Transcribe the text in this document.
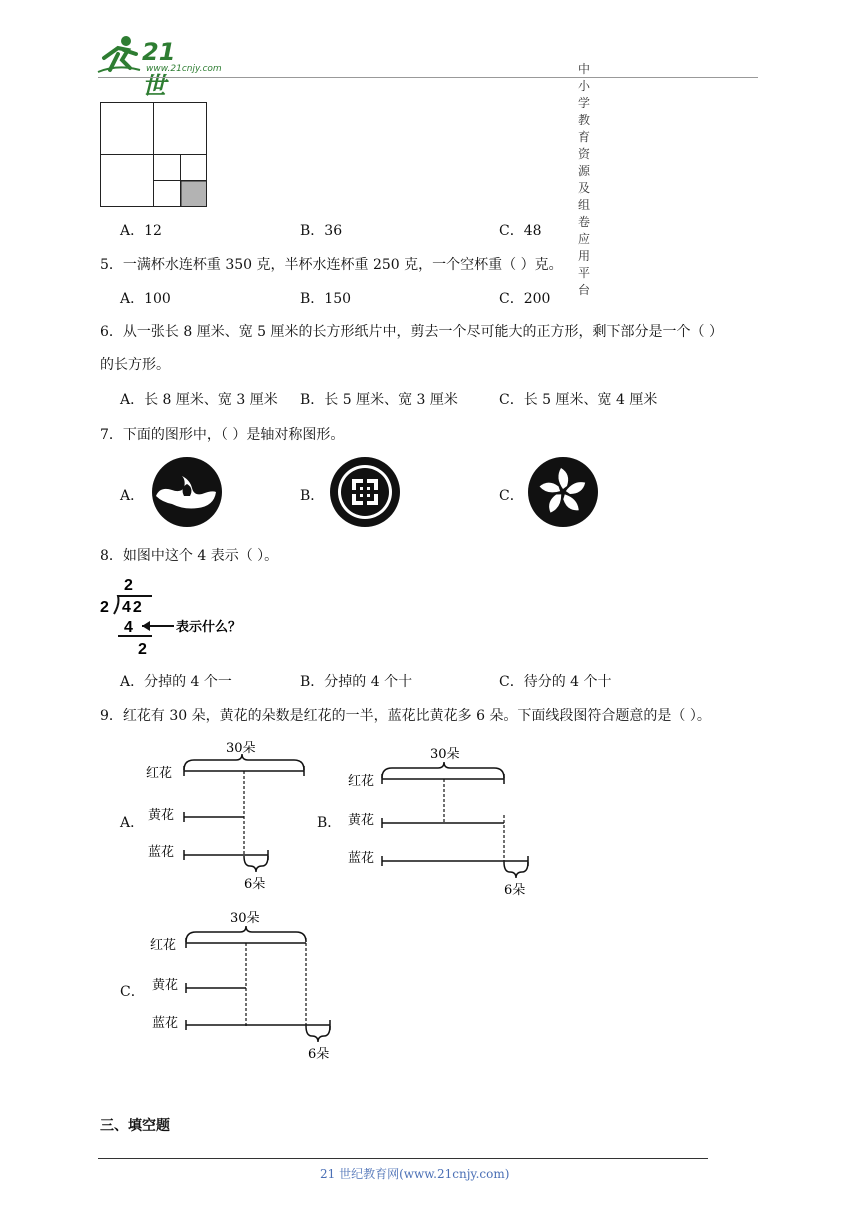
21世
www.21cnjy.com	中小学教育资源及组卷应用平台
A．12	B．36	C．48
5．一满杯水连杯重 350 克，半杯水连杯重 250 克，一个空杯重（ ）克。
A．100	B．150	C．200
6．从一张长 8 厘米、宽 5 厘米的长方形纸片中，剪去一个尽可能大的正方形，剩下部分是一个（ ）
的长方形。
A．长 8 厘米、宽 3 厘米 B．长 5 厘米、宽 3 厘米	C．长 5 厘米、宽 4 厘米
7．下面的图形中，（ ）是轴对称图形。
A．	B．	C．
8．如图中这个 4 表示（ ）。
2
2 42
4
2
表示什么？
A．分掉的 4 个一	B．分掉的 4 个十	C．待分的 4 个十
9．红花有 30 朵，黄花的朵数是红花的一半，蓝花比黄花多 6 朵。下面线段图符合题意的是（ ）。
A．
30朵
红花
黄花
蓝花
6朵
B．
30朵
红花
黄花
蓝花
6朵
C．
30朵
红花
黄花
蓝花
6朵
三、填空题
21 世纪教育网(www.21cnjy.com)
